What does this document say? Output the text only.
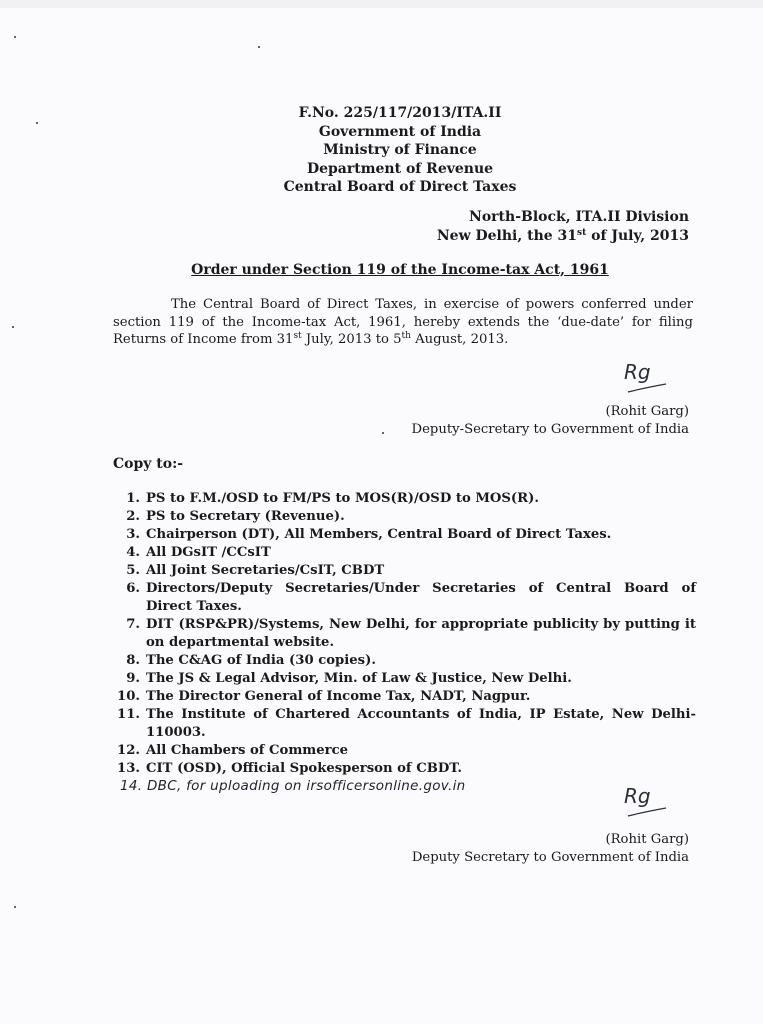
F.No. 225/117/2013/ITA.II
Government of India
Ministry of Finance
Department of Revenue
Central Board of Direct Taxes
North-Block, ITA.II Division
New Delhi, the 31st of July, 2013
Order under Section 119 of the Income-tax Act, 1961
The Central Board of Direct Taxes, in exercise of powers conferred under section 119 of the Income-tax Act, 1961, hereby extends the ‘due-date’ for filing Returns of Income from 31st July, 2013 to 5th August, 2013.
Rg
(Rohit Garg)
Deputy-Secretary to Government of India
Copy to:-
1. PS to F.M./OSD to FM/PS to MOS(R)/OSD to MOS(R).
2. PS to Secretary (Revenue).
3. Chairperson (DT), All Members, Central Board of Direct Taxes.
4. All DGsIT /CCsIT
5. All Joint Secretaries/CsIT, CBDT
6. Directors/Deputy Secretaries/Under Secretaries of Central Board of Direct Taxes.
7. DIT (RSP&PR)/Systems, New Delhi, for appropriate publicity by putting it on departmental website.
8. The C&AG of India (30 copies).
9. The JS & Legal Advisor, Min. of Law & Justice, New Delhi.
10. The Director General of Income Tax, NADT, Nagpur.
11. The Institute of Chartered Accountants of India, IP Estate, New Delhi-110003.
12. All Chambers of Commerce
13. CIT (OSD), Official Spokesperson of CBDT.
14. DBC, for uploading on irsofficersonline.gov.in	Rg
(Rohit Garg)
Deputy Secretary to Government of India
